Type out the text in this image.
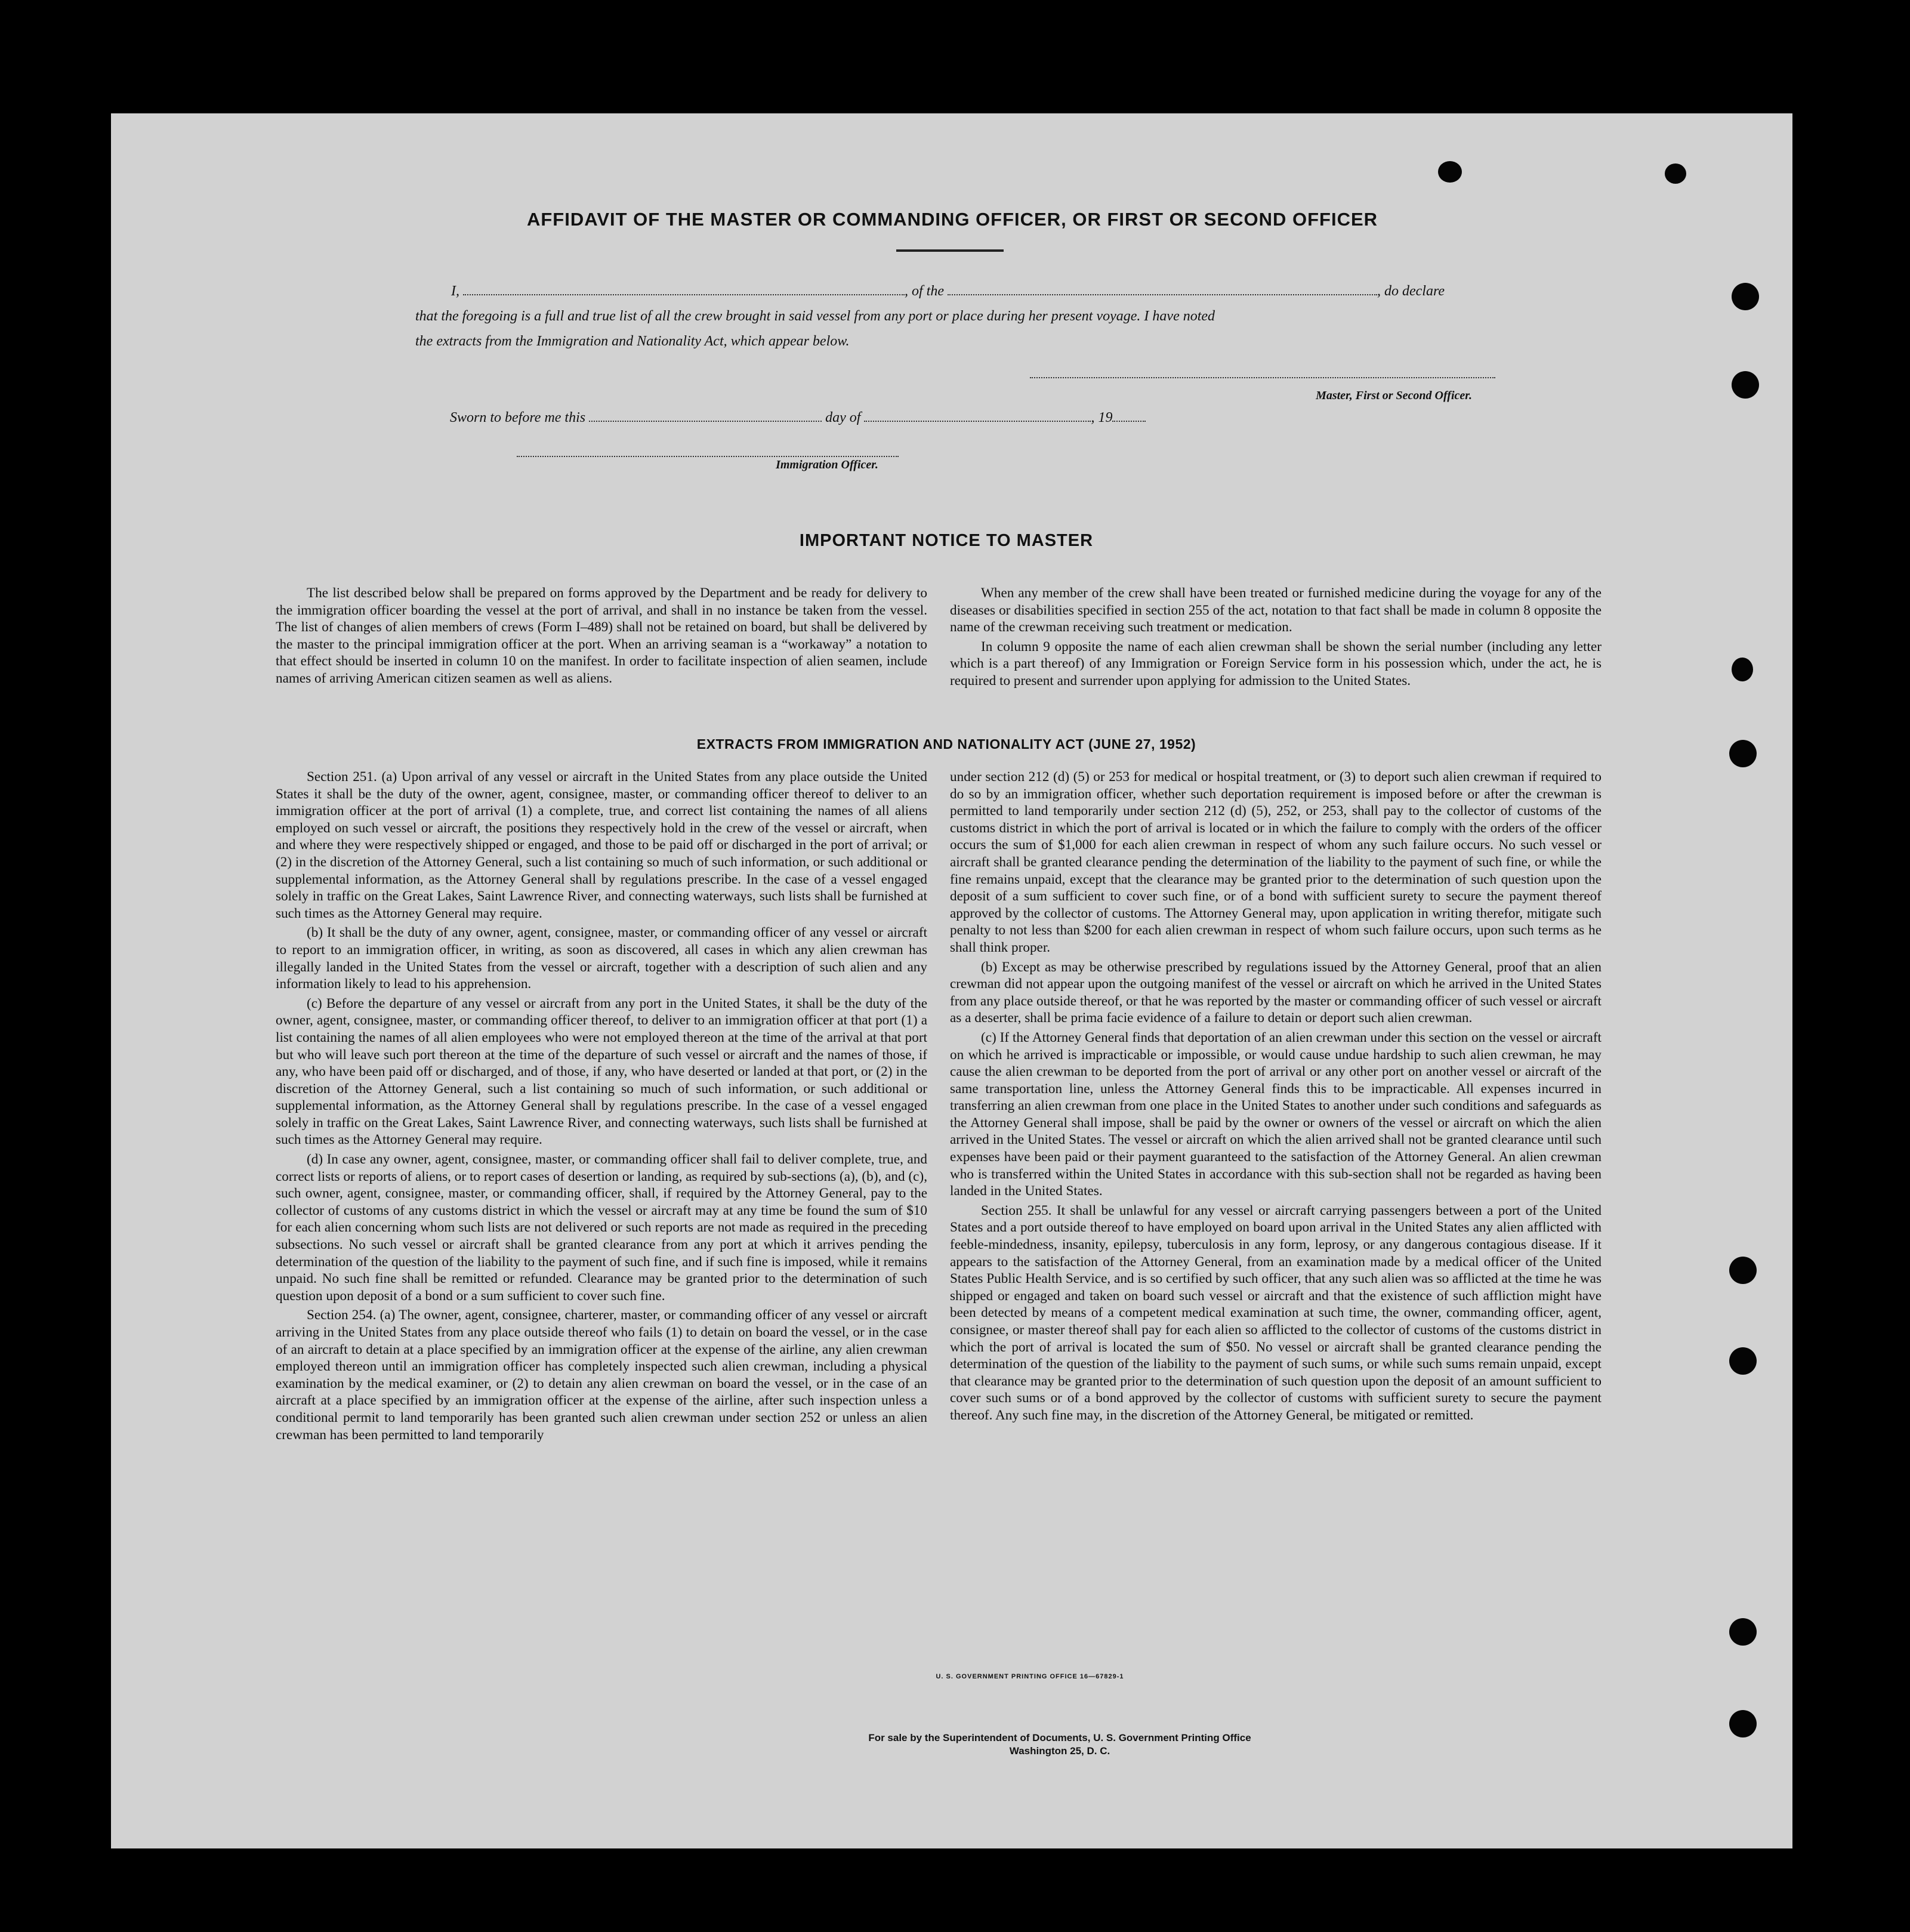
AFFIDAVIT OF THE MASTER OR COMMANDING OFFICER, OR FIRST OR SECOND OFFICER
I,	, of the	, do declare
that the foregoing is a full and true list of all the crew brought in said vessel from any port or place during her present voyage. I have noted
the extracts from the Immigration and Nationality Act, which appear below.
Master, First or Second Officer.
Sworn to before me this	day of	, 19
Immigration Officer.
IMPORTANT NOTICE TO MASTER

The list described below shall be prepared on forms approved by the Department and be ready for delivery to the immigration officer boarding the vessel at the port of arrival, and shall in no instance be taken from the vessel. The list of changes of alien members of crews (Form I–489) shall not be retained on board, but shall be delivered by the master to the principal immigration officer at the port. When an arriving seaman is a “workaway” a notation to that effect should be inserted in column 10 on the manifest. In order to facilitate inspection of alien seamen, include names of arriving American citizen seamen as well as aliens.

When any member of the crew shall have been treated or furnished medicine during the voyage for any of the diseases or disabilities specified in section 255 of the act, notation to that fact shall be made in column 8 opposite the name of the crewman receiving such treatment or medication.

In column 9 opposite the name of each alien crewman shall be shown the serial number (including any letter which is a part thereof) of any Immigration or Foreign Service form in his possession which, under the act, he is required to present and surrender upon applying for admission to the United States.

EXTRACTS FROM IMMIGRATION AND NATIONALITY ACT (JUNE 27, 1952)

Section 251. (a) Upon arrival of any vessel or aircraft in the United States from any place outside the United States it shall be the duty of the owner, agent, consignee, master, or commanding officer thereof to deliver to an immigration officer at the port of arrival (1) a complete, true, and correct list containing the names of all aliens employed on such vessel or aircraft, the positions they respectively hold in the crew of the vessel or aircraft, when and where they were respectively shipped or engaged, and those to be paid off or discharged in the port of arrival; or (2) in the discretion of the Attorney General, such a list containing so much of such information, or such additional or supplemental information, as the Attorney General shall by regulations prescribe. In the case of a vessel engaged solely in traffic on the Great Lakes, Saint Lawrence River, and connecting waterways, such lists shall be furnished at such times as the Attorney General may require.

(b) It shall be the duty of any owner, agent, consignee, master, or commanding officer of any vessel or aircraft to report to an immigration officer, in writing, as soon as discovered, all cases in which any alien crewman has illegally landed in the United States from the vessel or aircraft, together with a description of such alien and any information likely to lead to his apprehension.

(c) Before the departure of any vessel or aircraft from any port in the United States, it shall be the duty of the owner, agent, consignee, master, or commanding officer thereof, to deliver to an immigration officer at that port (1) a list containing the names of all alien employees who were not employed thereon at the time of the arrival at that port but who will leave such port thereon at the time of the departure of such vessel or aircraft and the names of those, if any, who have been paid off or discharged, and of those, if any, who have deserted or landed at that port, or (2) in the discretion of the Attorney General, such a list containing so much of such information, or such additional or supplemental information, as the Attorney General shall by regulations prescribe. In the case of a vessel engaged solely in traffic on the Great Lakes, Saint Lawrence River, and connecting waterways, such lists shall be furnished at such times as the Attorney General may require.

(d) In case any owner, agent, consignee, master, or commanding officer shall fail to deliver complete, true, and correct lists or reports of aliens, or to report cases of desertion or landing, as required by sub-sections (a), (b), and (c), such owner, agent, consignee, master, or commanding officer, shall, if required by the Attorney General, pay to the collector of customs of any customs district in which the vessel or aircraft may at any time be found the sum of $10 for each alien concerning whom such lists are not delivered or such reports are not made as required in the preceding subsections. No such vessel or aircraft shall be granted clearance from any port at which it arrives pending the determination of the question of the liability to the payment of such fine, and if such fine is imposed, while it remains unpaid. No such fine shall be remitted or refunded. Clearance may be granted prior to the determination of such question upon deposit of a bond or a sum sufficient to cover such fine.

Section 254. (a) The owner, agent, consignee, charterer, master, or commanding officer of any vessel or aircraft arriving in the United States from any place outside thereof who fails (1) to detain on board the vessel, or in the case of an aircraft to detain at a place specified by an immigration officer at the expense of the airline, any alien crewman employed thereon until an immigration officer has completely inspected such alien crewman, including a physical examination by the medical examiner, or (2) to detain any alien crewman on board the vessel, or in the case of an aircraft at a place specified by an immigration officer at the expense of the airline, after such inspection unless a conditional permit to land temporarily has been granted such alien crewman under section 252 or unless an alien crewman has been permitted to land temporarily

under section 212 (d) (5) or 253 for medical or hospital treatment, or (3) to deport such alien crewman if required to do so by an immigration officer, whether such deportation requirement is imposed before or after the crewman is permitted to land temporarily under section 212 (d) (5), 252, or 253, shall pay to the collector of customs of the customs district in which the port of arrival is located or in which the failure to comply with the orders of the officer occurs the sum of $1,000 for each alien crewman in respect of whom any such failure occurs. No such vessel or aircraft shall be granted clearance pending the determination of the liability to the payment of such fine, or while the fine remains unpaid, except that the clearance may be granted prior to the determination of such question upon the deposit of a sum sufficient to cover such fine, or of a bond with sufficient surety to secure the payment thereof approved by the collector of customs. The Attorney General may, upon application in writing therefor, mitigate such penalty to not less than $200 for each alien crewman in respect of whom such failure occurs, upon such terms as he shall think proper.

(b) Except as may be otherwise prescribed by regulations issued by the Attorney General, proof that an alien crewman did not appear upon the outgoing manifest of the vessel or aircraft on which he arrived in the United States from any place outside thereof, or that he was reported by the master or commanding officer of such vessel or aircraft as a deserter, shall be prima facie evidence of a failure to detain or deport such alien crewman.

(c) If the Attorney General finds that deportation of an alien crewman under this section on the vessel or aircraft on which he arrived is impracticable or impossible, or would cause undue hardship to such alien crewman, he may cause the alien crewman to be deported from the port of arrival or any other port on another vessel or aircraft of the same transportation line, unless the Attorney General finds this to be impracticable. All expenses incurred in transferring an alien crewman from one place in the United States to another under such conditions and safeguards as the Attorney General shall impose, shall be paid by the owner or owners of the vessel or aircraft on which the alien arrived in the United States. The vessel or aircraft on which the alien arrived shall not be granted clearance until such expenses have been paid or their payment guaranteed to the satisfaction of the Attorney General. An alien crewman who is transferred within the United States in accordance with this sub-section shall not be regarded as having been landed in the United States.

Section 255. It shall be unlawful for any vessel or aircraft carrying passengers between a port of the United States and a port outside thereof to have employed on board upon arrival in the United States any alien afflicted with feeble-mindedness, insanity, epilepsy, tuberculosis in any form, leprosy, or any dangerous contagious disease. If it appears to the satisfaction of the Attorney General, from an examination made by a medical officer of the United States Public Health Service, and is so certified by such officer, that any such alien was so afflicted at the time he was shipped or engaged and taken on board such vessel or aircraft and that the existence of such affliction might have been detected by means of a competent medical examination at such time, the owner, commanding officer, agent, consignee, or master thereof shall pay for each alien so afflicted to the collector of customs of the customs district in which the port of arrival is located the sum of $50. No vessel or aircraft shall be granted clearance pending the determination of the question of the liability to the payment of such sums, or while such sums remain unpaid, except that clearance may be granted prior to the determination of such question upon the deposit of an amount sufficient to cover such sums or of a bond approved by the collector of customs with sufficient surety to secure the payment thereof. Any such fine may, in the discretion of the Attorney General, be mitigated or remitted.

U. S. GOVERNMENT PRINTING OFFICE 16—67829-1
For sale by the Superintendent of Documents, U. S. Government Printing Office
Washington 25, D. C.
